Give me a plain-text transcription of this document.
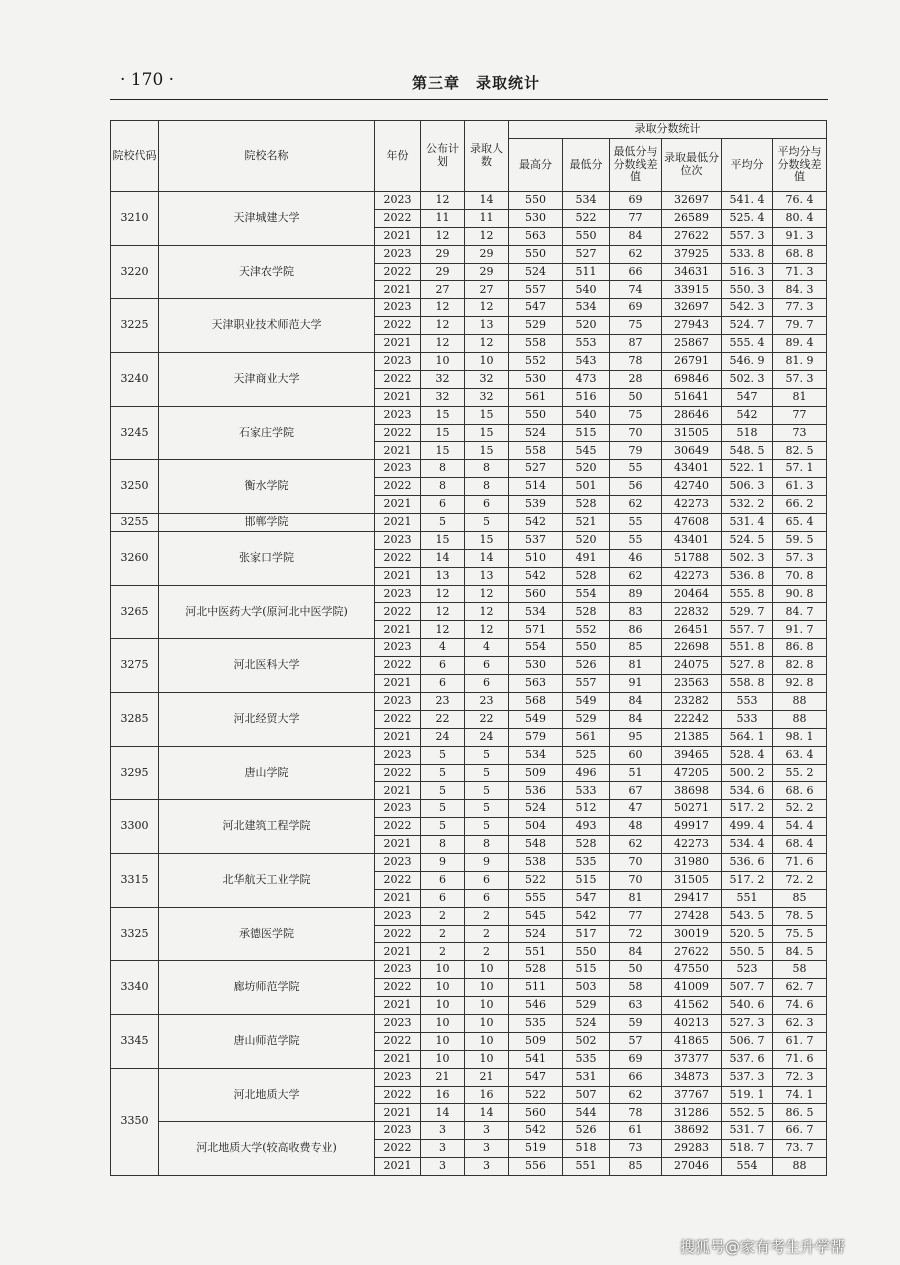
· 170 ·	第三章　录取统计
院校代码	院校名称	年份	公布计划	录取人数	录取分数统计					
					最高分	最低分	最低分与分数线差值	录取最低分位次	平均分	平均分与分数线差值
3210	天津城建大学	2023	12	14	550	534	69	32697	541. 4	76. 4
		2022	11	11	530	522	77	26589	525. 4	80. 4
		2021	12	12	563	550	84	27622	557. 3	91. 3
3220	天津农学院	2023	29	29	550	527	62	37925	533. 8	68. 8
		2022	29	29	524	511	66	34631	516. 3	71. 3
		2021	27	27	557	540	74	33915	550. 3	84. 3
3225	天津职业技术师范大学	2023	12	12	547	534	69	32697	542. 3	77. 3
		2022	12	13	529	520	75	27943	524. 7	79. 7
		2021	12	12	558	553	87	25867	555. 4	89. 4
3240	天津商业大学	2023	10	10	552	543	78	26791	546. 9	81. 9
		2022	32	32	530	473	28	69846	502. 3	57. 3
		2021	32	32	561	516	50	51641	547	81
3245	石家庄学院	2023	15	15	550	540	75	28646	542	77
		2022	15	15	524	515	70	31505	518	73
		2021	15	15	558	545	79	30649	548. 5	82. 5
3250	衡水学院	2023	8	8	527	520	55	43401	522. 1	57. 1
		2022	8	8	514	501	56	42740	506. 3	61. 3
		2021	6	6	539	528	62	42273	532. 2	66. 2
3255	邯郸学院	2021	5	5	542	521	55	47608	531. 4	65. 4
3260	张家口学院	2023	15	15	537	520	55	43401	524. 5	59. 5
		2022	14	14	510	491	46	51788	502. 3	57. 3
		2021	13	13	542	528	62	42273	536. 8	70. 8
3265	河北中医药大学(原河北中医学院)	2023	12	12	560	554	89	20464	555. 8	90. 8
		2022	12	12	534	528	83	22832	529. 7	84. 7
		2021	12	12	571	552	86	26451	557. 7	91. 7
3275	河北医科大学	2023	4	4	554	550	85	22698	551. 8	86. 8
		2022	6	6	530	526	81	24075	527. 8	82. 8
		2021	6	6	563	557	91	23563	558. 8	92. 8
3285	河北经贸大学	2023	23	23	568	549	84	23282	553	88
		2022	22	22	549	529	84	22242	533	88
		2021	24	24	579	561	95	21385	564. 1	98. 1
3295	唐山学院	2023	5	5	534	525	60	39465	528. 4	63. 4
		2022	5	5	509	496	51	47205	500. 2	55. 2
		2021	5	5	536	533	67	38698	534. 6	68. 6
3300	河北建筑工程学院	2023	5	5	524	512	47	50271	517. 2	52. 2
		2022	5	5	504	493	48	49917	499. 4	54. 4
		2021	8	8	548	528	62	42273	534. 4	68. 4
3315	北华航天工业学院	2023	9	9	538	535	70	31980	536. 6	71. 6
		2022	6	6	522	515	70	31505	517. 2	72. 2
		2021	6	6	555	547	81	29417	551	85
3325	承德医学院	2023	2	2	545	542	77	27428	543. 5	78. 5
		2022	2	2	524	517	72	30019	520. 5	75. 5
		2021	2	2	551	550	84	27622	550. 5	84. 5
3340	廊坊师范学院	2023	10	10	528	515	50	47550	523	58
		2022	10	10	511	503	58	41009	507. 7	62. 7
		2021	10	10	546	529	63	41562	540. 6	74. 6
3345	唐山师范学院	2023	10	10	535	524	59	40213	527. 3	62. 3
		2022	10	10	509	502	57	41865	506. 7	61. 7
		2021	10	10	541	535	69	37377	537. 6	71. 6
3350	河北地质大学	2023	21	21	547	531	66	34873	537. 3	72. 3
		2022	16	16	522	507	62	37767	519. 1	74. 1
		2021	14	14	560	544	78	31286	552. 5	86. 5
	河北地质大学(较高收费专业)	2023	3	3	542	526	61	38692	531. 7	66. 7
		2022	3	3	519	518	73	29283	518. 7	73. 7
		2021	3	3	556	551	85	27046	554	88
搜狐号@家有考生升学帮
